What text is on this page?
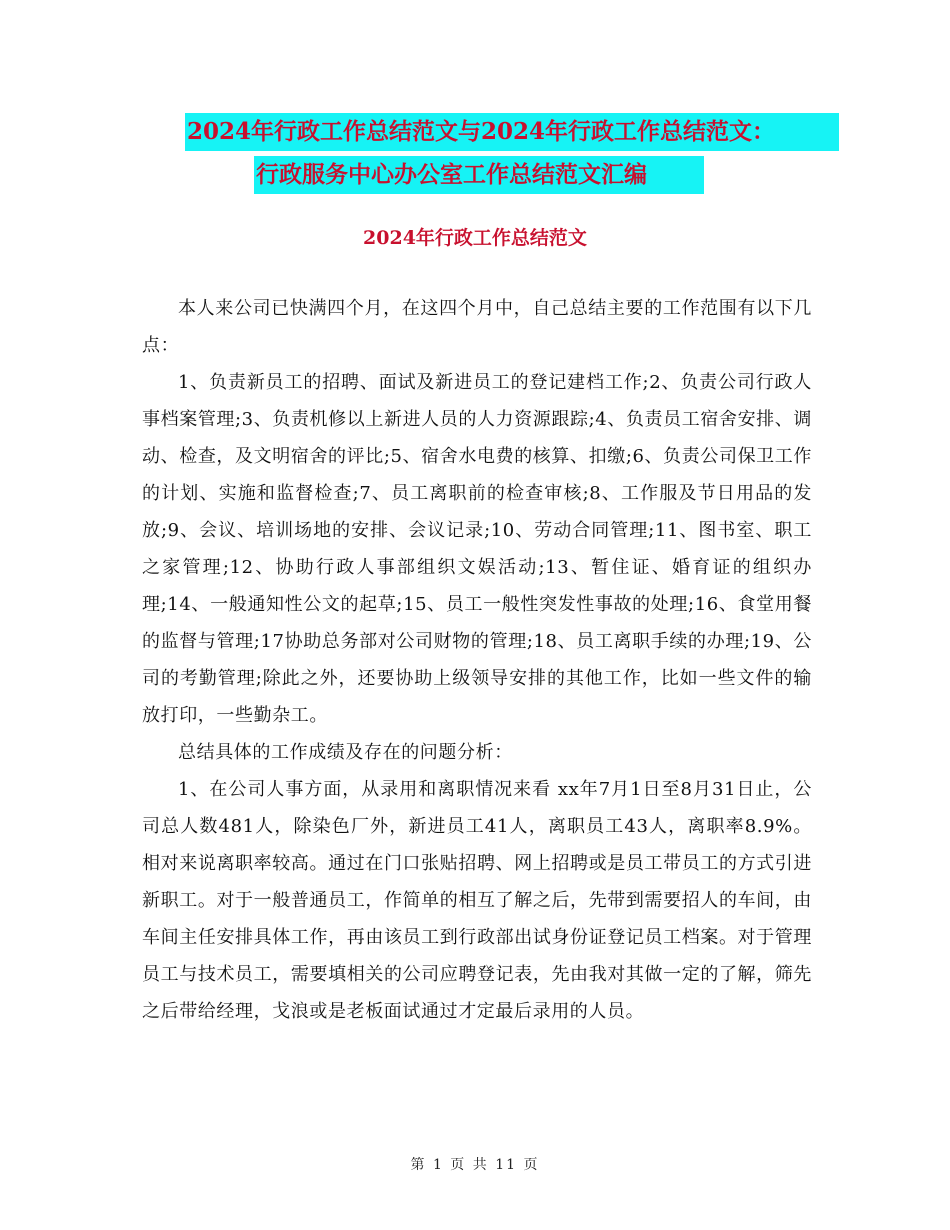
2024年行政工作总结范文与2024年行政工作总结范文：
行政服务中心办公室工作总结范文汇编
2024年行政工作总结范文

本人来公司已快满四个月，在这四个月中，自己总结主要的工作范围有以下几点：

1、负责新员工的招聘、面试及新进员工的登记建档工作;2、负责公司行政人事档案管理;3、负责机修以上新进人员的人力资源跟踪;4、负责员工宿舍安排、调动、检查，及文明宿舍的评比;5、宿舍水电费的核算、扣缴;6、负责公司保卫工作的计划、实施和监督检查;7、员工离职前的检查审核;8、工作服及节日用品的发放;9、会议、培训场地的安排、会议记录;10、劳动合同管理;11、图书室、职工之家管理;12、协助行政人事部组织文娱活动;13、暂住证、婚育证的组织办理;14、一般通知性公文的起草;15、员工一般性突发性事故的处理;16、食堂用餐的监督与管理;17协助总务部对公司财物的管理;18、员工离职手续的办理;19、公司的考勤管理;除此之外，还要协助上级领导安排的其他工作，比如一些文件的输放打印，一些勤杂工。

总结具体的工作成绩及存在的问题分析：

1、在公司人事方面，从录用和离职情况来看 xx年7月1日至8月31日止，公司总人数481人，除染色厂外，新进员工41人，离职员工43人，离职率8.9%。相对来说离职率较高。通过在门口张贴招聘、网上招聘或是员工带员工的方式引进新职工。对于一般普通员工，作简单的相互了解之后，先带到需要招人的车间，由车间主任安排具体工作，再由该员工到行政部出试身份证登记员工档案。对于管理员工与技术员工，需要填相关的公司应聘登记表，先由我对其做一定的了解，筛先之后带给经理，戈浪或是老板面试通过才定最后录用的人员。

第 1 页 共 11 页
